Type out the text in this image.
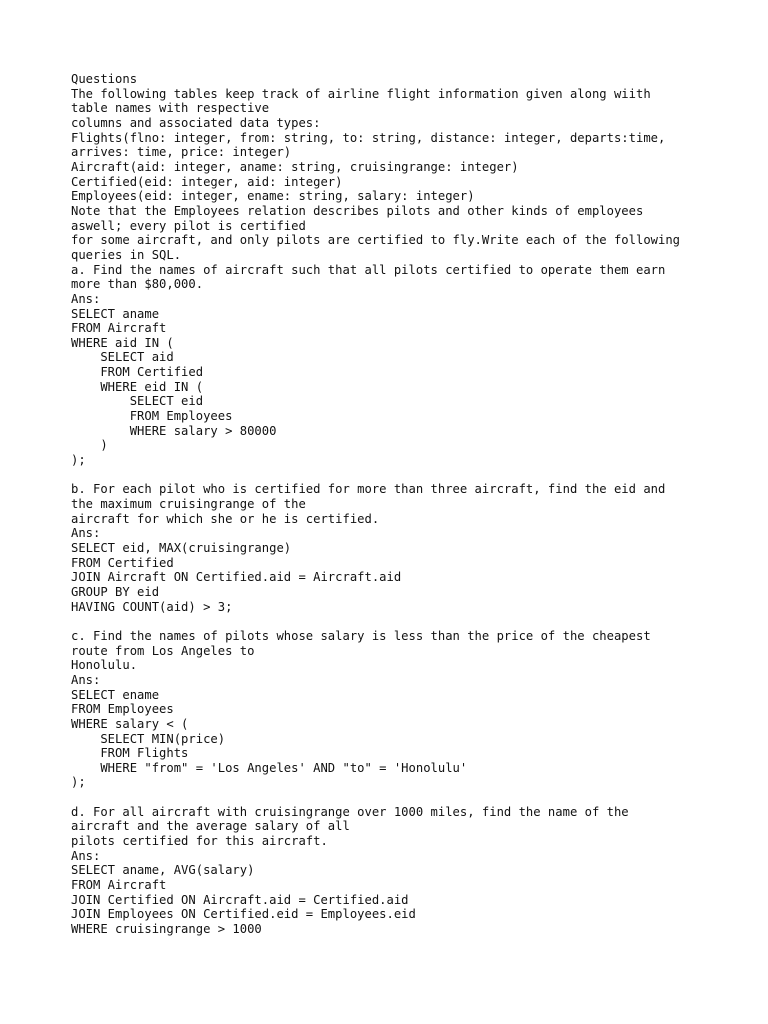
Questions
The following tables keep track of airline flight information given along wiith
table names with respective
columns and associated data types:
Flights(flno: integer, from: string, to: string, distance: integer, departs:time,
arrives: time, price: integer)
Aircraft(aid: integer, aname: string, cruisingrange: integer)
Certified(eid: integer, aid: integer)
Employees(eid: integer, ename: string, salary: integer)
Note that the Employees relation describes pilots and other kinds of employees
aswell; every pilot is certified
for some aircraft, and only pilots are certified to fly.Write each of the following
queries in SQL.
a. Find the names of aircraft such that all pilots certified to operate them earn
more than $80,000.
Ans:
SELECT aname
FROM Aircraft
WHERE aid IN (
SELECT aid
FROM Certified
WHERE eid IN (
SELECT eid
FROM Employees
WHERE salary > 80000
)
);
b. For each pilot who is certified for more than three aircraft, find the eid and
the maximum cruisingrange of the
aircraft for which she or he is certified.
Ans:
SELECT eid, MAX(cruisingrange)
FROM Certified
JOIN Aircraft ON Certified.aid = Aircraft.aid
GROUP BY eid
HAVING COUNT(aid) > 3;
c. Find the names of pilots whose salary is less than the price of the cheapest
route from Los Angeles to
Honolulu.
Ans:
SELECT ename
FROM Employees
WHERE salary < (
SELECT MIN(price)
FROM Flights
WHERE "from" = 'Los Angeles' AND "to" = 'Honolulu'
);
d. For all aircraft with cruisingrange over 1000 miles, find the name of the
aircraft and the average salary of all
pilots certified for this aircraft.
Ans:
SELECT aname, AVG(salary)
FROM Aircraft
JOIN Certified ON Aircraft.aid = Certified.aid
JOIN Employees ON Certified.eid = Employees.eid
WHERE cruisingrange > 1000
